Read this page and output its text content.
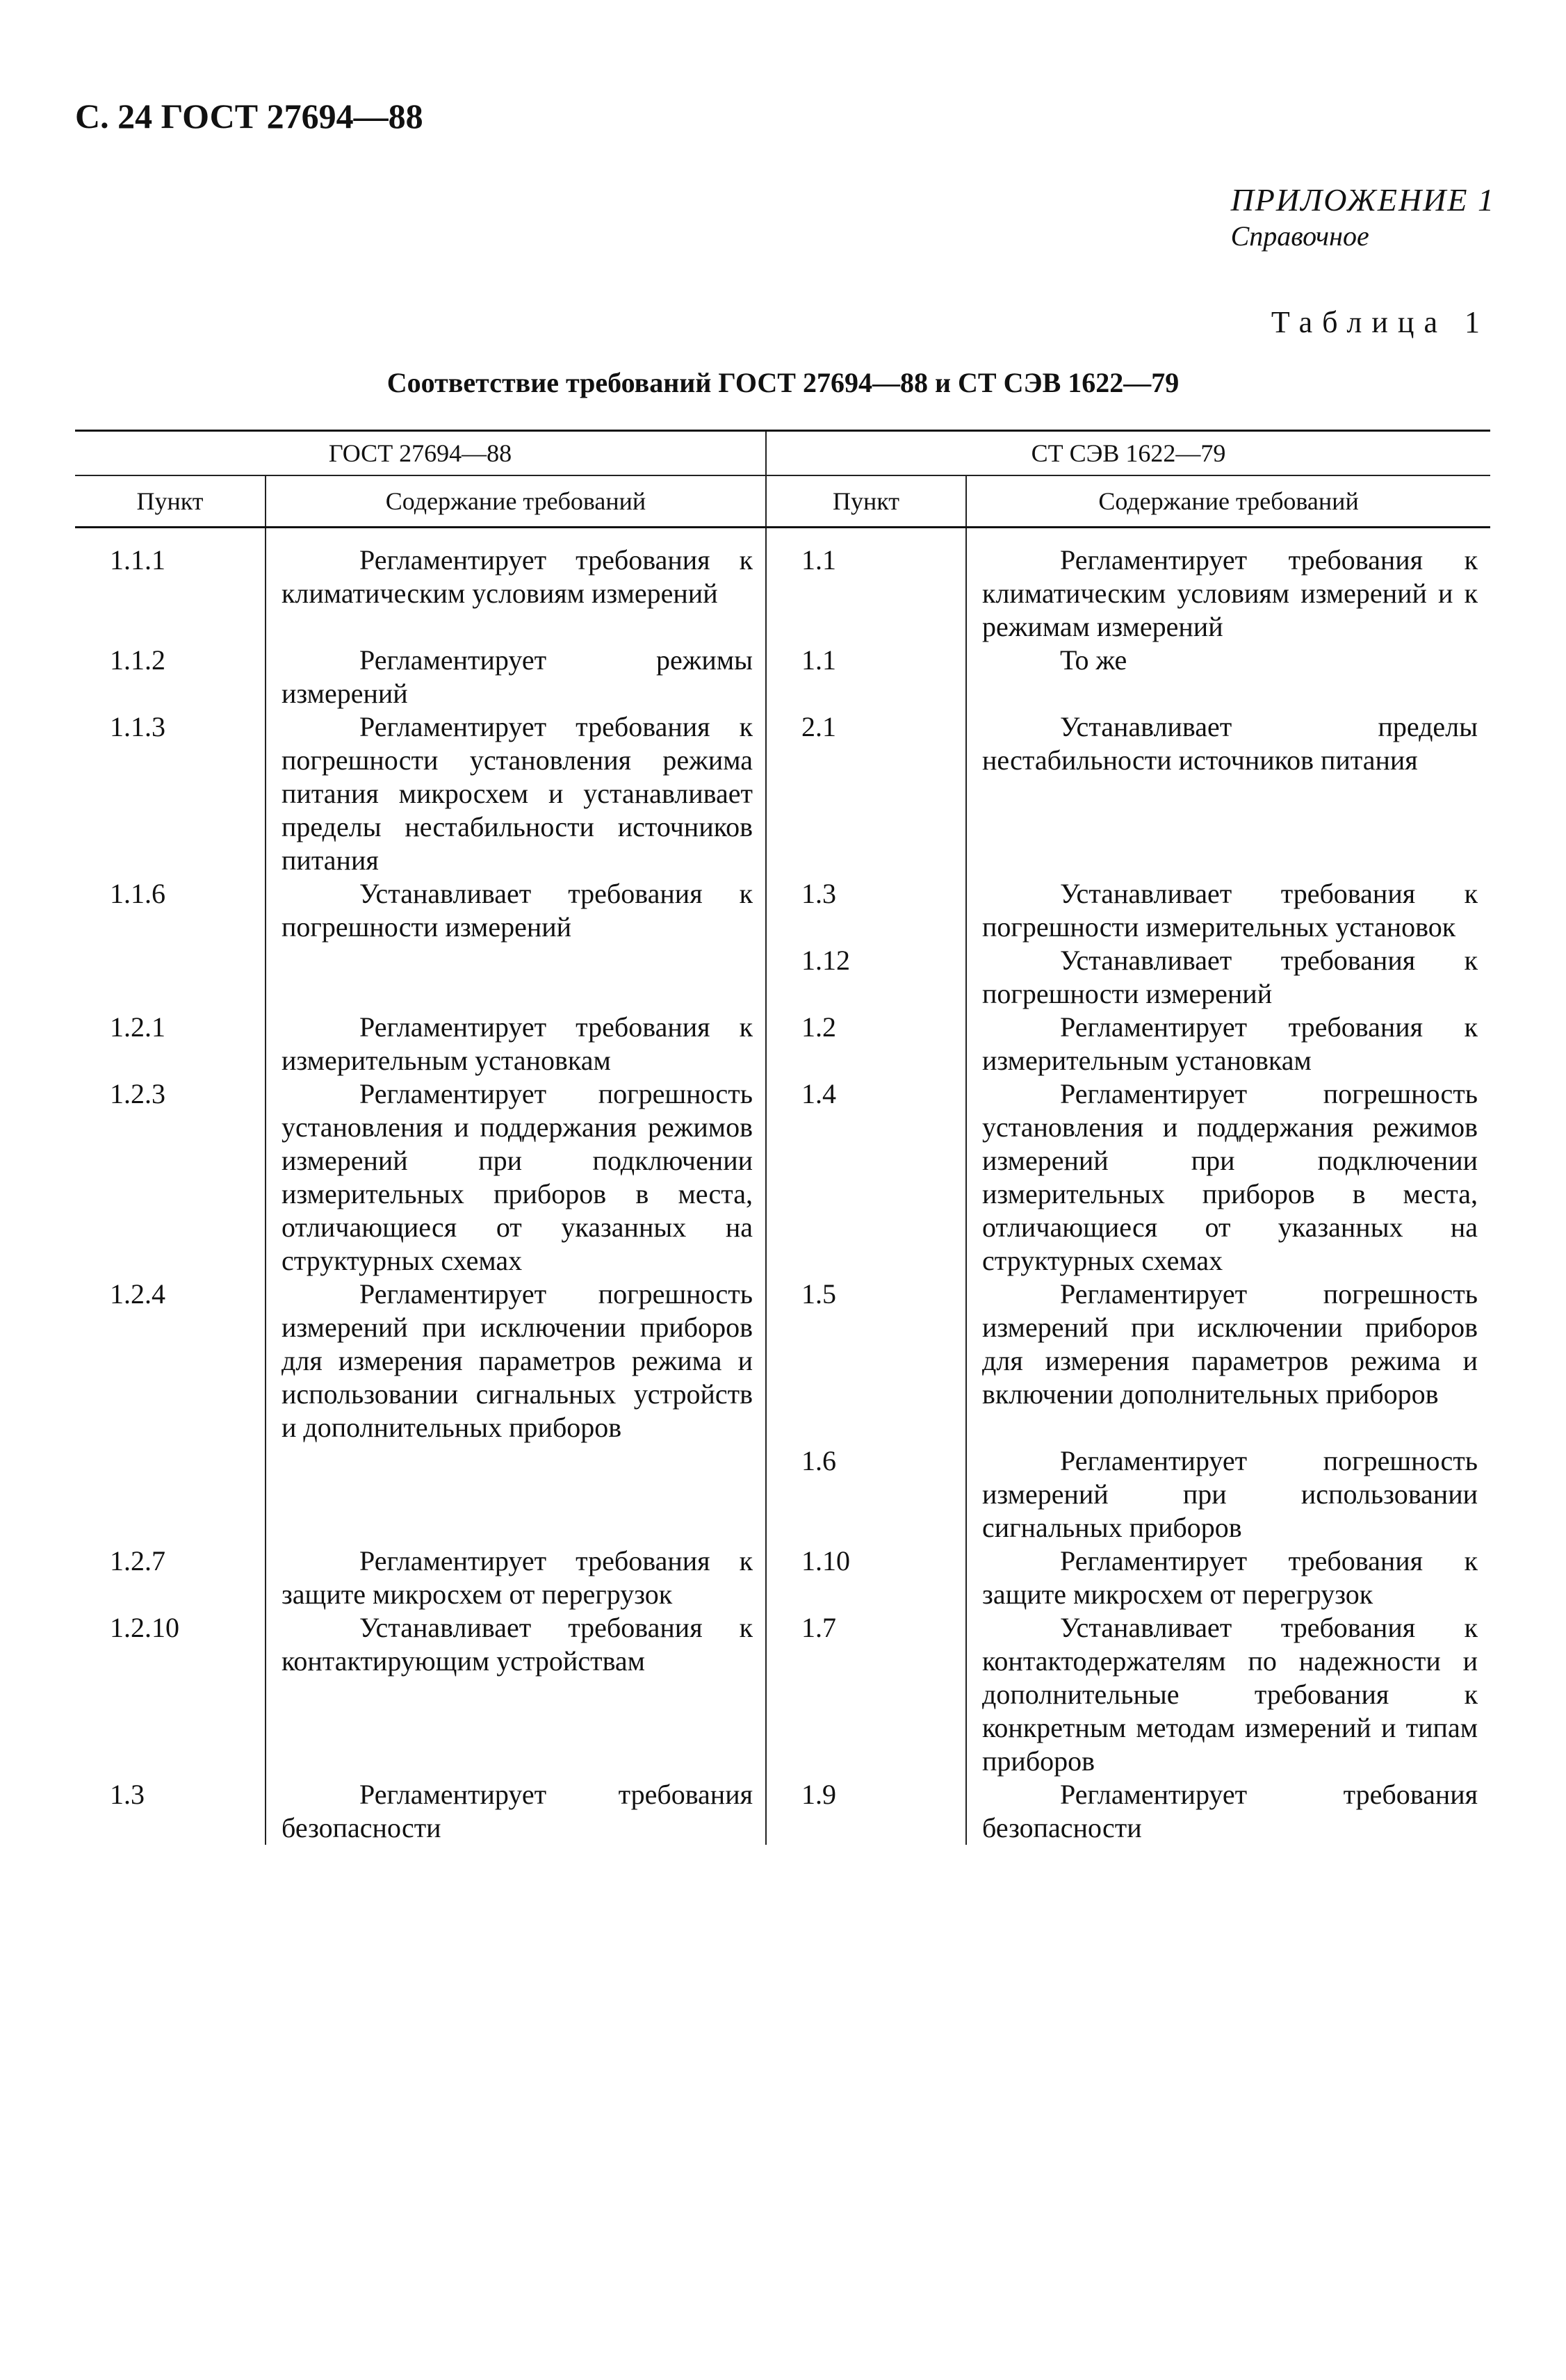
С. 24 ГОСТ 27694—88
ПРИЛОЖЕНИЕ 1
Справочное
Таблица 1
Соответствие требований ГОСТ 27694—88 и СТ СЭВ 1622—79
ГОСТ 27694—88		СТ СЭВ 1622—79	
Пункт	Содержание требований	Пункт	Содержание требований
1.1.1	Регламентирует требования к климатическим условиям измерений	1.1	Регламентирует требования к климатическим условиям измерений и к режимам измерений
1.1.2	Регламентирует режимы измерений	1.1	То же
1.1.3	Регламентирует требования к погрешности установления режима питания микросхем и устанавливает пределы нестабильности источников питания	2.1	Устанавливает пределы нестабильности источников питания
1.1.6	Устанавливает требования к погрешности измерений	1.3	Устанавливает требования к погрешности измерительных установок
		1.12	Устанавливает требования к погрешности измерений
1.2.1	Регламентирует требования к измерительным установкам	1.2	Регламентирует требования к измерительным установкам
1.2.3	Регламентирует погрешность установления и поддержания режимов измерений при подключении измерительных приборов в места, отличающиеся от указанных на структурных схемах	1.4	Регламентирует погрешность установления и поддержания режимов измерений при подключении измерительных приборов в места, отличающиеся от указанных на структурных схемах
1.2.4	Регламентирует погрешность измерений при исключении приборов для измерения параметров режима и использовании сигнальных устройств и дополнительных приборов	1.5	Регламентирует погрешность измерений при исключении приборов для измерения параметров режима и включении дополнительных приборов
		1.6	Регламентирует погрешность измерений при использовании сигнальных приборов
1.2.7	Регламентирует требования к защите микросхем от перегрузок	1.10	Регламентирует требования к защите микросхем от перегрузок
1.2.10	Устанавливает требования к контактирующим устройствам	1.7	Устанавливает требования к контактодержателям по надежности и дополнительные требования к конкретным методам измерений и типам приборов
1.3	Регламентирует требования безопасности	1.9	Регламентирует требования безопасности
